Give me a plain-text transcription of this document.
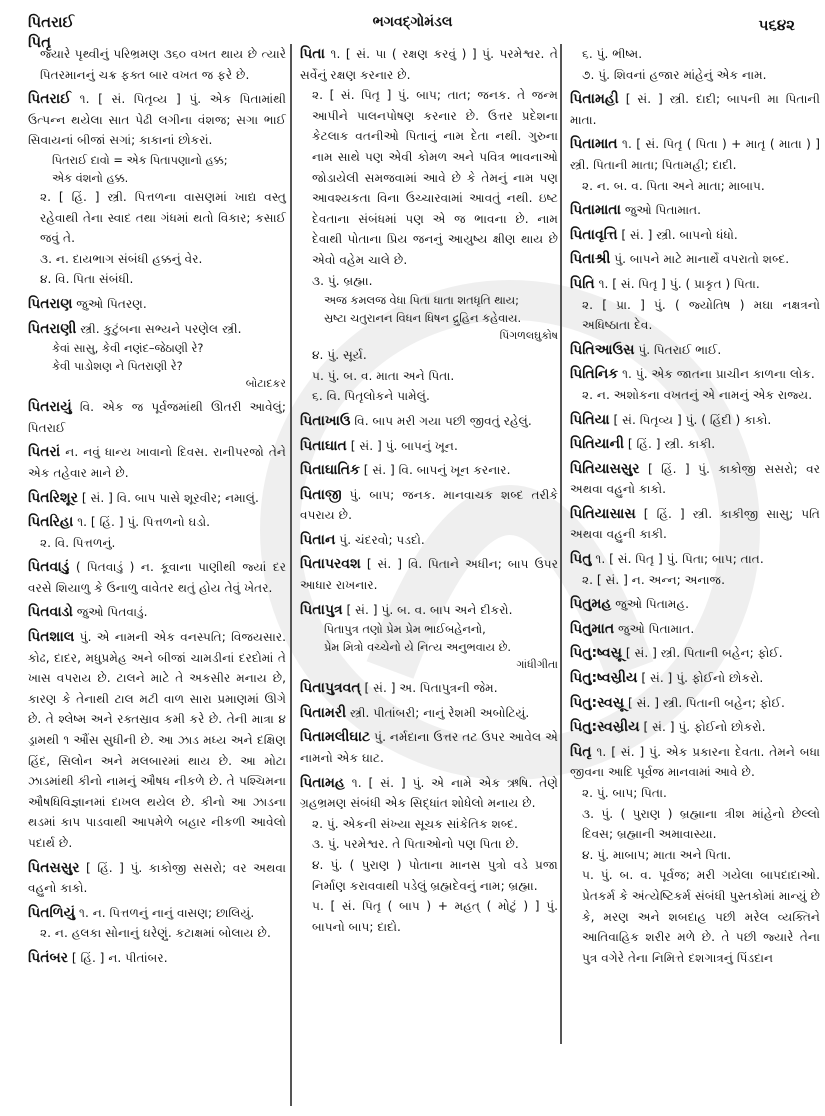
પિતરાઈ
પિતૃ
ભગવદ્ગોમંડલ	૫૬૪૨
જ્યારે પૃથ્વીનું પરિભ્રમણ ૩૬૦ વખત થાય છે ત્યારે પિતરમાનનું ચક્ર ફક્ત બાર વખત જ ફરે છે.
પિતરાઈ ૧. [ સં. પિતૃવ્ય ] પું. એક પિતામાંથી ઉત્પન્ન થયેલા સાત પેઢી લગીના વંશજ; સગા ભાઈ સિવાયનાં બીજાં સગાં; કાકાનાં છોકરાં.
પિતરાઈ દાવો = એક પિતાપણાનો હક્ક;
એક વંશનો હક્ક.
૨. [ હિં. ] સ્ત્રી. પિત્તળના વાસણમાં ખાદ્ય વસ્તુ રહેવાથી તેના સ્વાદ તથા ગંધમાં થતો વિકાર; કસાઈ જવું તે.
૩. ન. દાયભાગ સંબંધી હક્કનું વેર.
૪. વિ. પિતા સંબંધી.
પિતરાણ જુઓ પિતરણ.
પિતરાણી સ્ત્રી. કુટુંબના સભ્યને પરણેલ સ્ત્રી.
કેવાં સાસુ, કેવી નણંદ–જેઠાણી રે?
કેવી પાડોશણ ને પિતરાણી રે?
બોટાદકર
પિતરાયું વિ. એક જ પૂર્વજમાંથી ઊતરી આવેલું; પિતરાઈ
પિતરાં ન. નવું ધાન્ય ખાવાનો દિવસ. રાનીપરજો તેને એક તહેવાર માને છે.
પિતરિશૂર [ સં. ] વિ. બાપ પાસે શૂરવીર; નમાલું.
પિતરિહા ૧. [ હિં. ] પું. પિત્તળનો ઘડો.
૨. વિ. પિત્તળનું.
પિતવાડું ( પિતવાડું ) ન. કૂવાના પાણીથી જ્યાં દર વરસે શિયાળુ કે ઉનાળુ વાવેતર થતું હોય તેવું ખેતર.
પિતવાડો જુઓ પિતવાડું.
પિતશાલ પું. એ નામની એક વનસ્પતિ; વિજયસાર. કોઢ, દાદર, મધુપ્રમેહ અને બીજાં ચામડીનાં દરદોમાં તે ખાસ વપરાય છે. ટાલને માટે તે અકસીર મનાય છે, કારણ કે તેનાથી ટાલ મટી વાળ સારા પ્રમાણમાં ઊગે છે. તે શ્લેષ્મ અને રક્તસ્રાવ કમી કરે છે. તેની માત્રા ૪ ડ્રામથી ૧ ઔંસ સુધીની છે. આ ઝાડ મધ્ય અને દક્ષિણ હિંદ, સિલોન અને મલબારમાં થાય છે. આ મોટા ઝાડમાંથી કીનો નામનું ઔષધ નીકળે છે. તે પશ્ચિમના ઔષધિવિજ્ઞાનમાં દાખલ થયેલ છે. કીનો આ ઝાડના થડમાં કાપ પાડવાથી આપમેળે બહાર નીકળી આવેલો પદાર્થ છે.
પિતસસુર [ હિં. ] પું. કાકોજી સસરો; વર અથવા વહુનો કાકો.
પિતળિયું ૧. ન. પિત્તળનું નાનું વાસણ; છાલિયું.
૨. ન. હલકા સોનાનું ઘરેણું. કટાક્ષમાં બોલાય છે.
પિતંબર [ હિં. ] ન. પીતાંબર.
પિતા ૧. [ સં. પા ( રક્ષણ કરવું ) ] પું. પરમેશ્વર. તે સર્વેનું રક્ષણ કરનાર છે.
૨. [ સં. પિતૃ ] પું. બાપ; તાત; જનક. તે જન્મ આપીને પાલનપોષણ કરનાર છે. ઉત્તર પ્રદેશના કેટલાક વતનીઓ પિતાનું નામ દેતા નથી. ગુરુના નામ સાથે પણ એવી કોમળ અને પવિત્ર ભાવનાઓ જોડાયેલી સમજવામાં આવે છે કે તેમનું નામ પણ આવશ્યકતા વિના ઉચ્ચારવામાં આવતું નથી. ઇષ્ટ દેવતાના સંબંધમાં પણ એ જ ભાવના છે. નામ દેવાથી પોતાના પ્રિય જનનું આયુષ્ય ક્ષીણ થાય છે એવો વહેમ ચાલે છે.
૩. પું. બ્રહ્મા.
અજ કમલજ વેધા પિતા ધાતા શતધૃતિ થાય;
સ્રષ્ટા ચતુરાનન વિધન ધિષન દ્રુહિન કહેવાય.
પિંગળલઘુકોષ
૪. પું. સૂર્ય.
૫. પું. બ. વ. માતા અને પિતા.
૬. વિ. પિતૃલોકને પામેલું.
પિતાખાઉ વિ. બાપ મરી ગયા પછી જીવતું રહેલું.
પિતાઘાત [ સં. ] પું. બાપનું ખૂન.
પિતાઘાતિક [ સં. ] વિ. બાપનું ખૂન કરનાર.
પિતાજી પું. બાપ; જનક. માનવાચક શબ્દ તરીકે વપરાય છે.
પિતાન પું. ચંદરવો; પડદો.
પિતાપરવશ [ સં. ] વિ. પિતાને અધીન; બાપ ઉપર આધાર રાખનાર.
પિતાપુત્ર [ સં. ] પું. બ. વ. બાપ અને દીકરો.
પિતાપુત્ર તણો પ્રેમ પ્રેમ ભાઈબહેનનો,
પ્રેમ મિત્રો વચ્ચેનો યે નિત્ય અનુભવાય છે.
ગાંધીગીતા
પિતાપુત્રવત્ [ સં. ] અ. પિતાપુત્રની જેમ.
પિતામરી સ્ત્રી. પીતાંબરી; નાનું રેશમી અબોટિયું.
પિતામલીઘાટ પું. નર્મદાના ઉત્તર તટ ઉપર આવેલ એ નામનો એક ઘાટ.
પિતામહ ૧. [ સં. ] પું. એ નામે એક ઋષિ. તેણે ગ્રહભ્રમણ સંબંધી એક સિદ્ધાંત શોધેલો મનાય છે.
૨. પું. એકની સંખ્યા સૂચક સાંકેતિક શબ્દ.
૩. પું. પરમેશ્વર. તે પિતાઓનો પણ પિતા છે.
૪. પું. ( પુરાણ ) પોતાના માનસ પુત્રો વડે પ્રજા નિર્માણ કરાવવાથી પડેલું બ્રહ્મદેવનું નામ; બ્રહ્મા.
૫. [ સં. પિતૃ ( બાપ ) + મહત્ ( મોટું ) ] પું. બાપનો બાપ; દાદો.
૬. પું. ભીષ્મ.
૭. પું. શિવનાં હજાર માંહેનું એક નામ.
પિતામહી [ સં. ] સ્ત્રી. દાદી; બાપની મા પિતાની માતા.
પિતામાત ૧. [ સં. પિતૃ ( પિતા ) + માતૃ ( માતા ) ] સ્ત્રી. પિતાની માતા; પિતામહી; દાદી.
૨. ન. બ. વ. પિતા અને માતા; માબાપ.
પિતામાતા જુઓ પિતામાત.
પિતાવૃત્તિ [ સં. ] સ્ત્રી. બાપનો ધંધો.
પિતાશ્રી પું. બાપને માટે માનાર્થે વપરાતો શબ્દ.
પિતિ ૧. [ સં. પિતૃ ] પું. ( પ્રાકૃત ) પિતા.
૨. [ પ્રા. ] પું. ( જ્યોતિષ ) મઘા નક્ષત્રનો અધિષ્ઠાતા દેવ.
પિતિઆઉસ પું. પિતરાઈ ભાઈ.
પિતિનિક ૧. પું. એક જાતના પ્રાચીન કાળના લોક.
૨. ન. અશોકના વખતનું એ નામનું એક રાજ્ય.
પિતિયા [ સં. પિતૃવ્ય ] પું. ( હિંદી ) કાકો.
પિતિયાની [ હિં. ] સ્ત્રી. કાકી.
પિતિયાસસુર [ હિં. ] પું. કાકોજી સસરો; વર અથવા વહુનો કાકો.
પિતિયાસાસ [ હિં. ] સ્ત્રી. કાકીજી સાસુ; પતિ અથવા વહુની કાકી.
પિતુ ૧. [ સં. પિતૃ ] પું. પિતા; બાપ; તાત.
૨. [ સં. ] ન. અન્ન; અનાજ.
પિતુમહ જુઓ પિતામહ.
પિતુમાત જુઓ પિતામાત.
પિતુ:ષ્વસ્રૂ [ સં. ] સ્ત્રી. પિતાની બહેન; ફોઈ.
પિતુ:ષ્વસ્રીય [ સં. ] પું. ફોઈનો છોકરો.
પિતુ:સ્વસ્રૂ [ સં. ] સ્ત્રી. પિતાની બહેન; ફોઈ.
પિતુ:સ્વસ્રીય [ સં. ] પું. ફોઈનો છોકરો.
પિતૃ ૧. [ સં. ] પું. એક પ્રકારના દેવતા. તેમને બધા જીવના આદિ પૂર્વજ માનવામાં આવે છે.
૨. પું. બાપ; પિતા.
૩. પું. ( પુરાણ ) બ્રહ્માના ત્રીશ માંહેનો છેલ્લો દિવસ; બ્રહ્માની અમાવાસ્યા.
૪. પું. માબાપ; માતા અને પિતા.
૫. પું. બ. વ. પૂર્વજ; મરી ગયેલા બાપદાદાઓ. પ્રેતકર્મ કે અંત્યેષ્ટિકર્મ સંબંધી પુસ્તકોમાં માન્યું છે કે, મરણ અને શબદાહ પછી મરેલ વ્યક્તિને આતિવાહિક શરીર મળે છે. તે પછી જ્યારે તેના પુત્ર વગેરે તેના નિમિત્તે દશગાત્રનું પિંડદાન
